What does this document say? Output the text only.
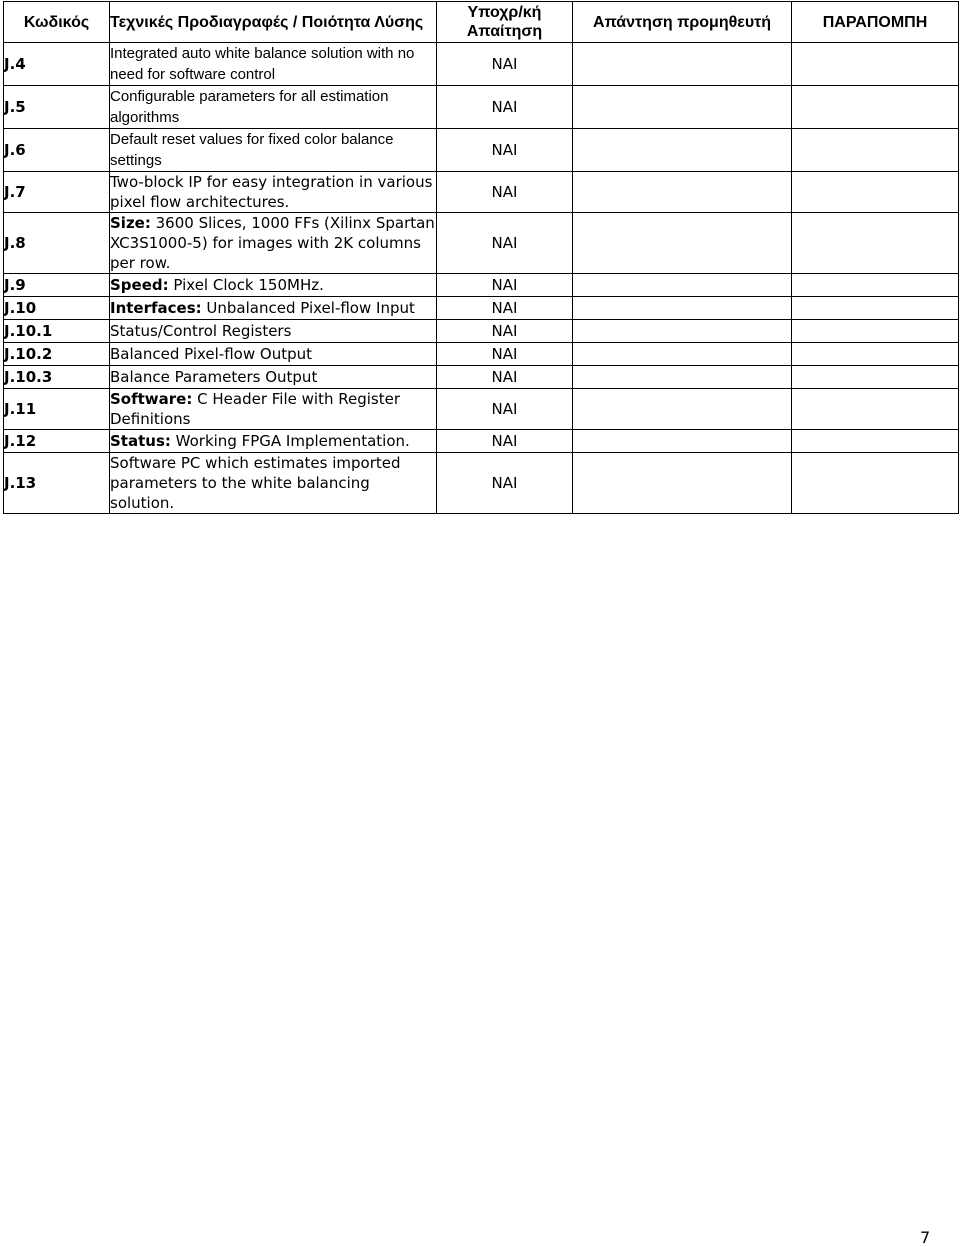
Κωδικός	Τεχνικές Προδιαγραφές / Ποιότητα Λύσης	Υποχρ/κή Απαίτηση	Απάντηση προμηθευτή	ΠΑΡΑΠΟΜΠΗ
J.4	Integrated auto white balance solution with no need for software control	NAI		
J.5	Configurable parameters for all estimation algorithms	NAI		
J.6	Default reset values for fixed color balance settings	NAI		
J.7	Two-block IP for easy integration in various pixel flow architectures.	NAI		
J.8	Size: 3600 Slices, 1000 FFs (Xilinx Spartan XC3S1000-5) for images with 2K columns per row.	NAI		
J.9	Speed: Pixel Clock 150MHz.	NAI		
J.10	Interfaces: Unbalanced Pixel-flow Input	NAI		
J.10.1	Status/Control Registers	NAI		
J.10.2	Balanced Pixel-flow Output	NAI		
J.10.3	Balance Parameters Output	NAI		
J.11	Software: C Header File with Register Definitions	NAI		
J.12	Status: Working FPGA Implementation.	NAI		
J.13	Software PC which estimates imported parameters to the white balancing solution.	NAI		
7
